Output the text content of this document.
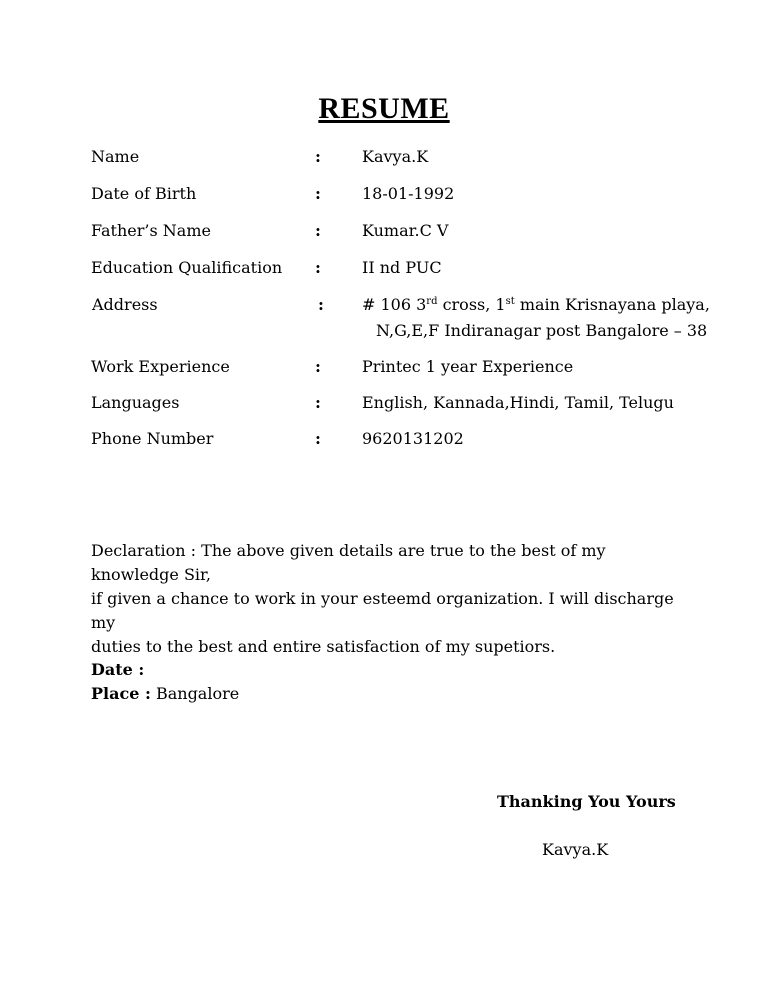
RESUME
Name	:	Kavya.K
Date of Birth	:	18-01-1992
Father’s Name	:	Kumar.C V
Education Qualification :	II nd PUC
Address	: # 106 3rd cross, 1st main Krisnayana playa,
N,G,E,F Indiranagar post Bangalore – 38
Work Experience	:	Printec 1 year Experience
Languages	:	English, Kannada,Hindi, Tamil, Telugu
Phone Number	:	9620131202
Declaration : The above given details are true to the best of my knowledge Sir,
if given a chance to work in your esteemd organization. I will discharge my
duties to the best and entire satisfaction of my supetiors.
Date :
Place : Bangalore
Thanking You Yours
Kavya.K
